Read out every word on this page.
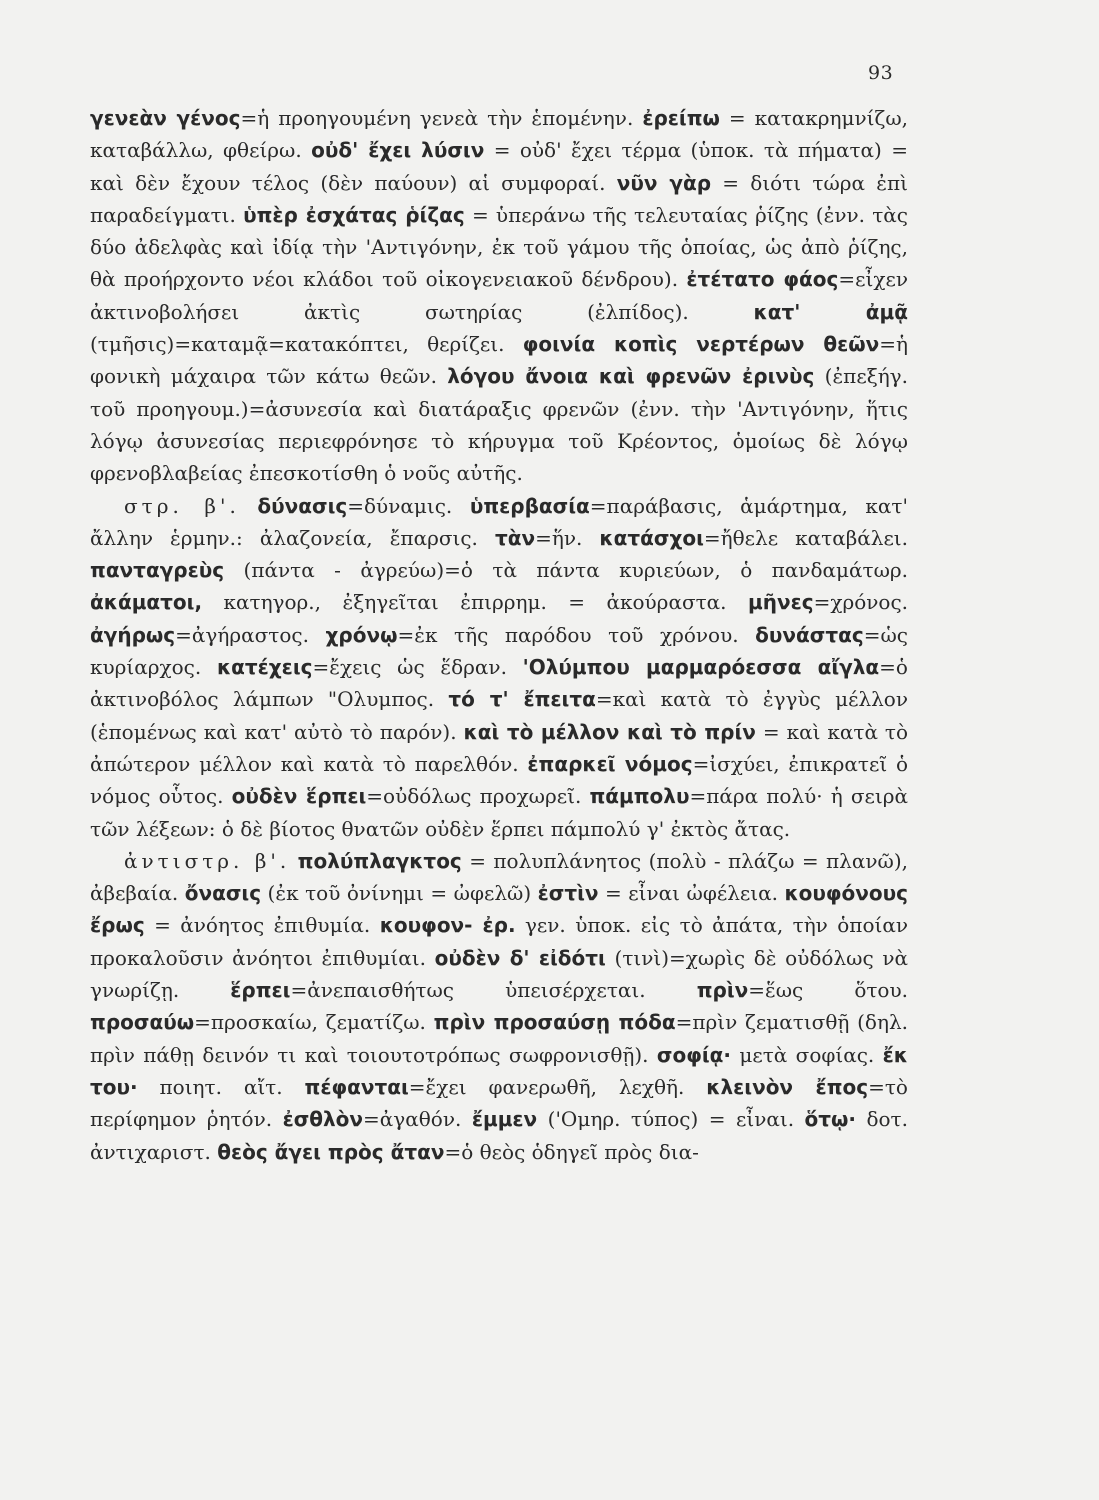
93

γενεὰν γένος=ἡ προηγουμένη γενεὰ τὴν ἑπομένην. ἐρείπω = κατακρημνίζω, καταβάλλω, φθείρω. οὐδ' ἔχει λύσιν = οὐδ' ἔχει τέρμα (ὑποκ. τὰ πήματα) = καὶ δὲν ἔχουν τέλος (δὲν παύουν) αἱ συμφοραί. νῦν γὰρ = διότι τώρα ἐπὶ παραδείγματι. ὑπὲρ ἐσχάτας ῥίζας = ὑπεράνω τῆς τελευταίας ῥίζης (ἐνν. τὰς δύο ἀδελφὰς καὶ ἰδίᾳ τὴν 'Αντιγόνην, ἐκ τοῦ γάμου τῆς ὁποίας, ὡς ἀπὸ ῥίζης, θὰ προήρχοντο νέοι κλάδοι τοῦ οἰκογενειακοῦ δένδρου). ἐτέτατο φάος=εἶχεν ἀκτινοβολήσει ἀκτὶς σωτηρίας (ἐλπίδος). κατ' ἀμᾷ (τμῆσις)=καταμᾷ=κατακόπτει, θερίζει. φοινία κοπὶς νερτέρων θεῶν=ἡ φονικὴ μάχαιρα τῶν κάτω θεῶν. λόγου ἄνοια καὶ φρενῶν ἐρινὺς (ἐπεξήγ. τοῦ προηγουμ.)=ἀσυνεσία καὶ διατάραξις φρενῶν (ἐνν. τὴν 'Αντιγόνην, ἥτις λόγῳ ἀσυνεσίας περιεφρόνησε τὸ κήρυγμα τοῦ Κρέοντος, ὁμοίως δὲ λόγῳ φρενοβλαβείας ἐπεσκοτίσθη ὁ νοῦς αὐτῆς.

στρ. β'. δύνασις=δύναμις. ὑπερβασία=παράβασις, ἁμάρτημα, κατ' ἄλλην ἑρμην.: ἀλαζονεία, ἔπαρσις. τὰν=ἥν. κατάσχοι=ἤθελε καταβάλει. πανταγρεὺς (πάντα - ἀγρεύω)=ὁ τὰ πάντα κυριεύων, ὁ πανδαμάτωρ. ἀκάματοι, κατηγορ., ἐξηγεῖται ἐπιρρημ. = ἀκούραστα. μῆνες=χρόνος. ἀγήρως=ἀγήραστος. χρόνῳ=ἐκ τῆς παρόδου τοῦ χρόνου. δυνάστας=ὡς κυρίαρχος. κατέχεις=ἔχεις ὡς ἕδραν. 'Ολύμπου μαρμαρόεσσα αἴγλα=ὁ ἀκτινοβόλος λάμπων "Ολυμπος. τό τ' ἔπειτα=καὶ κατὰ τὸ ἐγγὺς μέλλον (ἑπομένως καὶ κατ' αὐτὸ τὸ παρόν). καὶ τὸ μέλλον καὶ τὸ πρίν = καὶ κατὰ τὸ ἀπώτερον μέλλον καὶ κατὰ τὸ παρελθόν. ἐπαρκεῖ νόμος=ἰσχύει, ἐπικρατεῖ ὁ νόμος οὗτος. οὐδὲν ἕρπει=οὐδόλως προχωρεῖ. πάμπολυ=πάρα πολύ· ἡ σειρὰ τῶν λέξεων: ὁ δὲ βίοτος θνατῶν οὐδὲν ἕρπει πάμπολύ γ' ἐκτὸς ἄτας.

ἀντιστρ. β'. πολύπλαγκτος = πολυπλάνητος (πολὺ - πλάζω = πλανῶ), ἀβεβαία. ὄνασις (ἐκ τοῦ ὀνίνημι = ὠφελῶ) ἐστὶν = εἶναι ὠφέλεια. κουφόνους ἔρως = ἀνόητος ἐπιθυμία. κουφον- ἐρ. γεν. ὑποκ. εἰς τὸ ἀπάτα, τὴν ὁποίαν προκαλοῦσιν ἀνόητοι ἐπιθυμίαι. οὐδὲν δ' εἰδότι (τινὶ)=χωρὶς δὲ οὐδόλως νὰ γνωρίζῃ. ἕρπει=ἀνεπαισθήτως ὑπεισέρχεται. πρὶν=ἕως ὅτου. προσαύω=προσκαίω, ζεματίζω. πρὶν προσαύσῃ πόδα=πρὶν ζεματισθῇ (δηλ. πρὶν πάθῃ δεινόν τι καὶ τοιουτοτρόπως σωφρονισθῇ). σοφίᾳ· μετὰ σοφίας. ἔκ του· ποιητ. αἴτ. πέφανται=ἔχει φανερωθῆ, λεχθῆ. κλεινὸν ἔπος=τὸ περίφημον ῥητόν. ἐσθλὸν=ἀγαθόν. ἔμμεν ('Ομηρ. τύπος) = εἶναι. ὅτῳ· δοτ. ἀντιχαριστ. θεὸς ἄγει πρὸς ἄταν=ὁ θεὸς ὁδηγεῖ πρὸς δια-
